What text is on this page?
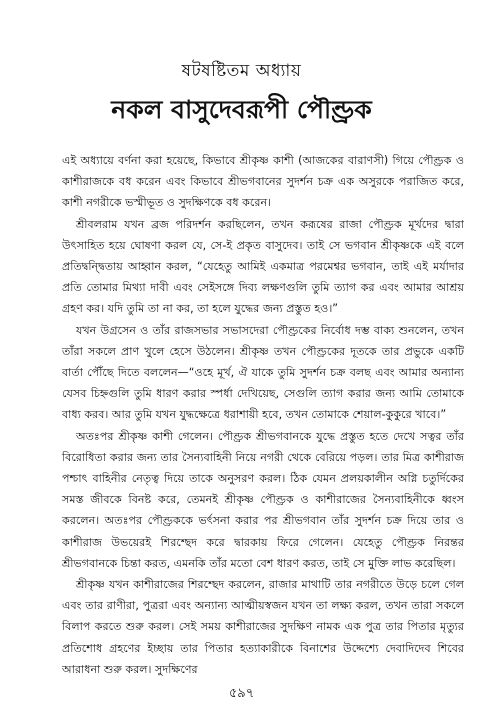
ষটষষ্টিতম অধ্যায়
নকল বাসুদেবরূপী পৌণ্ড্রক

এই অধ্যায়ে বর্ণনা করা হয়েছে, কিভাবে শ্রীকৃষ্ণ কাশী (আজকের বারাণসী) গিয়ে পৌণ্ড্রক ও কাশীরাজকে বধ করেন এবং কিভাবে শ্রীভগবানের সুদর্শন চক্র এক অসুরকে পরাজিত করে, কাশী নগরীকে ভস্মীভূত ও সুদক্ষিণকে বধ করেন।

শ্রীবলরাম যখন ব্রজ পরিদর্শন করছিলেন, তখন করূষের রাজা পৌণ্ড্রক মূর্খদের দ্বারা উৎসাহিত হয়ে ঘোষণা করল যে, সে-ই প্রকৃত বাসুদেব। তাই সে ভগবান শ্রীকৃষ্ণকে এই বলে প্রতিদ্বন্দ্বিতায় আহ্বান করল, “যেহেতু আমিই একমাত্র পরমেশ্বর ভগবান, তাই এই মর্যাদার প্রতি তোমার মিথ্যা দাবী এবং সেইসঙ্গে দিব্য লক্ষণগুলি তুমি ত্যাগ কর এবং আমার আশ্রয় গ্রহণ কর। যদি তুমি তা না কর, তা হলে যুদ্ধের জন্য প্রস্তুত হও।”

যখন উগ্রসেন ও তাঁর রাজসভার সভাসদেরা পৌণ্ড্রকের নির্বোধ দম্ভ বাক্য শুনলেন, তখন তাঁরা সকলে প্রাণ খুলে হেসে উঠলেন। শ্রীকৃষ্ণ তখন পৌণ্ড্রকের দূতকে তার প্রভুকে একটি বার্তা পৌঁছে দিতে বললেন—“ওহে মূর্খ, ঐ যাকে তুমি সুদর্শন চক্র বলছ এবং আমার অন্যান্য যেসব চিহ্নগুলি তুমি ধারণ করার স্পর্ধা দেখিয়েছ, সেগুলি ত্যাগ করার জন্য আমি তোমাকে বাধ্য করব। আর তুমি যখন যুদ্ধক্ষেত্রে ধরাশায়ী হবে, তখন তোমাকে শেয়াল-কুকুরে খাবে।”

অতঃপর শ্রীকৃষ্ণ কাশী গেলেন। পৌণ্ড্রক শ্রীভগবানকে যুদ্ধে প্রস্তুত হতে দেখে সত্বর তাঁর বিরোধিতা করার জন্য তার সৈন্যবাহিনী নিয়ে নগরী থেকে বেরিয়ে পড়ল। তার মিত্র কাশীরাজ পশ্চাৎ বাহিনীর নেতৃত্ব দিয়ে তাকে অনুসরণ করল। ঠিক যেমন প্রলয়কালীন অগ্নি চতুর্দিকের সমস্ত জীবকে বিনষ্ট করে, তেমনই শ্রীকৃষ্ণ পৌণ্ড্রক ও কাশীরাজের সৈন্যবাহিনীকে ধ্বংস করলেন। অতঃপর পৌণ্ড্রককে ভর্ৎসনা করার পর শ্রীভগবান তাঁর সুদর্শন চক্র দিয়ে তার ও কাশীরাজ উভয়েরই শিরশ্ছেদ করে দ্বারকায় ফিরে গেলেন। যেহেতু পৌণ্ড্রক নিরন্তর শ্রীভগবানকে চিন্তা করত, এমনকি তাঁর মতো বেশ ধারণ করত, তাই সে মুক্তি লাভ করেছিল।

শ্রীকৃষ্ণ যখন কাশীরাজের শিরশ্ছেদ করলেন, রাজার মাথাটি তার নগরীতে উড়ে চলে গেল এবং তার রাণীরা, পুত্ররা এবং অন্যান্য আত্মীয়স্বজন যখন তা লক্ষ্য করল, তখন তারা সকলে বিলাপ করতে শুরু করল। সেই সময় কাশীরাজের সুদক্ষিণ নামক এক পুত্র তার পিতার মৃত্যুর প্রতিশোধ গ্রহণের ইচ্ছায় তার পিতার হত্যাকারীকে বিনাশের উদ্দেশ্যে দেবাদিদেব শিবের আরাধনা শুরু করল। সুদক্ষিণের

৫৯৭
